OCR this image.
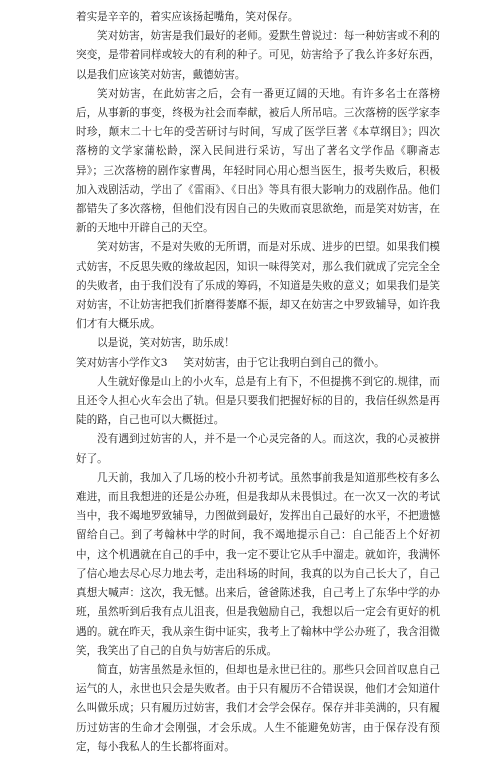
着实是辛辛的，着实应该扬起嘴角，笑对保存。

笑对妨害，妨害是我们最好的老师。爱默生曾说过：每一种妨害或不利的突变，是带着同样或较大的有利的种子。可见，妨害给予了我么许多好东西，以是我们应该笑对妨害，戴德妨害。

笑对妨害，在此妨害之后，会有一番更辽阔的天地。有许多名士在落榜后，从事新的事变，终极为社会而奉献，被后人所吊唁。三次落榜的医学家李时珍，颠末二十七年的受苦研讨与时间，写成了医学巨著《本草纲目》；四次落榜的文学家蒲松龄，深入民间进行采访，写出了著名文学作品《聊斋志异》；三次落榜的剧作家曹禺，年轻时同心用心想当医生，报考失败后，积极加入戏剧活动，学出了《雷雨》、《日出》等具有很大影响力的戏剧作品。他们都错失了多次落榜，但他们没有因自己的失败而哀思欲绝，而是笑对妨害，在新的天地中开辟自己的天空。

笑对妨害，不是对失败的无所谓，而是对乐成、进步的巴望。如果我们模式妨害，不反思失败的缘故起因，知识一味得笑对，那么我们就成了完完全全的失败者，由于我们没有了乐成的筹码，不知道是失败的意义；如果我们是笑对妨害，不让妨害把我们折磨得萎靡不振，却又在妨害之中罗致辅导，如许我们才有大概乐成。

以是说，笑对妨害，助乐成！

笑对妨害小学作文3 笑对妨害，由于它让我明白到自己的微小。

人生就好像是山上的小火车，总是有上有下，不但提携不到它的.规律，而且还令人担心火车会出了轨。但是只要我们把握好标的目的，我信任纵然是再陡的路，自己也可以大概挺过。

没有遇到过妨害的人，并不是一个心灵完备的人。而这次，我的心灵被拼好了。

几天前，我加入了几场的校小升初考试。虽然事前我是知道那些校有多么难进，而且我想进的还是公办班，但是我却从未畏惧过。在一次又一次的考试当中，我不竭地罗致辅导，力图做到最好，发挥出自己最好的水平，不把遗憾留给自己。到了考翰林中学的时间，我不竭地提示自己：自己能否上个好初中，这个机遇就在自己的手中，我一定不要让它从手中溜走。就如许，我满怀了信心地去尽心尽力地去考，走出科场的时间，我真的以为自己长大了，自己真想大喊声：这次，我无憾。出来后，爸爸陈述我，自己考上了东华中学的办班，虽然听到后我有点儿沮丧，但是我勉励自己，我想以后一定会有更好的机遇的。就在昨天，我从亲生街中证实，我考上了翰林中学公办班了，我含泪微笑，我笑出了自己的自负与妨害后的乐成。

简直，妨害虽然是永恒的，但却也是永世已往的。那些只会回首叹息自己运气的人，永世也只会是失败者。由于只有履历不合错误误，他们才会知道什么叫做乐成；只有履历过妨害，我们才会学会保存。保存并非美满的，只有履历过妨害的生命才会刚强，才会乐成。人生不能避免妨害，由于保存没有预定，每小我私人的生长都将面对。
